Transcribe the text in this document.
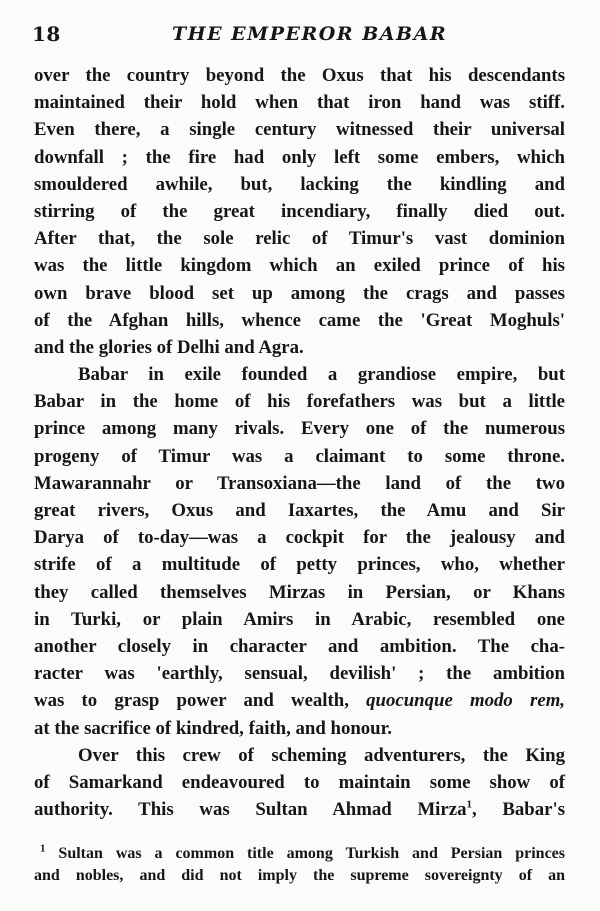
18	THE EMPEROR BABAR
over the country beyond the Oxus that his descendants
maintained their hold when that iron hand was stiff.
Even there, a single century witnessed their universal
downfall ; the fire had only left some embers, which
smouldered awhile, but, lacking the kindling and
stirring of the great incendiary, finally died out.
After that, the sole relic of Timur's vast dominion
was the little kingdom which an exiled prince of his
own brave blood set up among the crags and passes
of the Afghan hills, whence came the 'Great Moghuls'
and the glories of Delhi and Agra.
Babar in exile founded a grandiose empire, but
Babar in the home of his forefathers was but a little
prince among many rivals. Every one of the numerous
progeny of Timur was a claimant to some throne.
Mawarannahr or Transoxiana—the land of the two
great rivers, Oxus and Iaxartes, the Amu and Sir
Darya of to-day—was a cockpit for the jealousy and
strife of a multitude of petty princes, who, whether
they called themselves Mirzas in Persian, or Khans
in Turki, or plain Amirs in Arabic, resembled one
another closely in character and ambition. The cha-
racter was 'earthly, sensual, devilish' ; the ambition
was to grasp power and wealth, quocunque modo rem,
at the sacrifice of kindred, faith, and honour.
Over this crew of scheming adventurers, the King
of Samarkand endeavoured to maintain some show of
authority. This was Sultan Ahmad Mirza$^1$, Babar's
$^1$ Sultan was a common title among Turkish and Persian princes
and nobles, and did not imply the supreme sovereignty of an
